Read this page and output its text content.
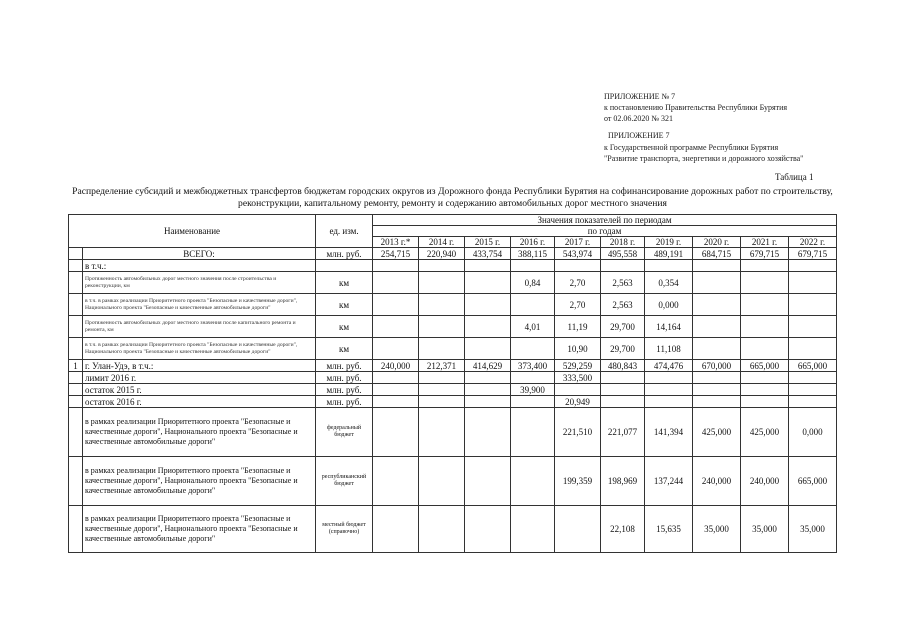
ПРИЛОЖЕНИЕ № 7
к постановлению Правительства Республики Бурятия
от 02.06.2020 № 321
ПРИЛОЖЕНИЕ 7
к Государственной программе Республики Бурятия
"Развитие транспорта, энергетики и дорожного хозяйства"
Таблица 1
Распределение субсидий и межбюджетных трансфертов бюджетам городских округов из Дорожного фонда Республики Бурятия на софинансирование дорожных работ по строительству, реконструкции, капитальному ремонту, ремонту и содержанию автомобильных дорог местного значения
Наименование		ед. изм.	Значения показателей по периодам									
			по годам									
			2013 г.*	2014 г.	2015 г.	2016 г.	2017 г.	2018 г.	2019 г.	2020 г.	2021 г.	2022 г.
	ВСЕГО:	млн. руб.	254,715	220,940	433,754	388,115	543,974	495,558	489,191	684,715	679,715	679,715
	в т.ч.:											
	Протяженность автомобильных дорог местного значения после строительства и реконструкции, км	км				0,84	2,70	2,563	0,354			
	в т.ч. в рамках реализации Приоритетного проекта "Безопасные и качественные дороги", Национального проекта "Безопасные и качественные автомобильные дороги"	км					2,70	2,563	0,000			
	Протяженность автомобильных дорог местного значения после капитального ремонта и ремонта, км	км				4,01	11,19	29,700	14,164			
	в т.ч. в рамках реализации Приоритетного проекта "Безопасные и качественные дороги", Национального проекта "Безопасные и качественные автомобильные дороги"	км					10,90	29,700	11,108			
1	г. Улан-Удэ, в т.ч.:	млн. руб.	240,000	212,371	414,629	373,400	529,259	480,843	474,476	670,000	665,000	665,000
	лимит 2016 г.	млн. руб.					333,500					
	остаток 2015 г.	млн. руб.				39,900						
	остаток 2016 г.	млн. руб.					20,949					
	в рамках реализации Приоритетного проекта "Безопасные и качественные дороги", Национального проекта "Безопасные и качественные автомобильные дороги"	федеральный бюджет					221,510	221,077	141,394	425,000	425,000	0,000
	в рамках реализации Приоритетного проекта "Безопасные и качественные дороги", Национального проекта "Безопасные и качественные автомобильные дороги"	республиканский бюджет					199,359	198,969	137,244	240,000	240,000	665,000
	в рамках реализации Приоритетного проекта "Безопасные и качественные дороги", Национального проекта "Безопасные и качественные автомобильные дороги"	местный бюджет (справочно)						22,108	15,635	35,000	35,000	35,000
